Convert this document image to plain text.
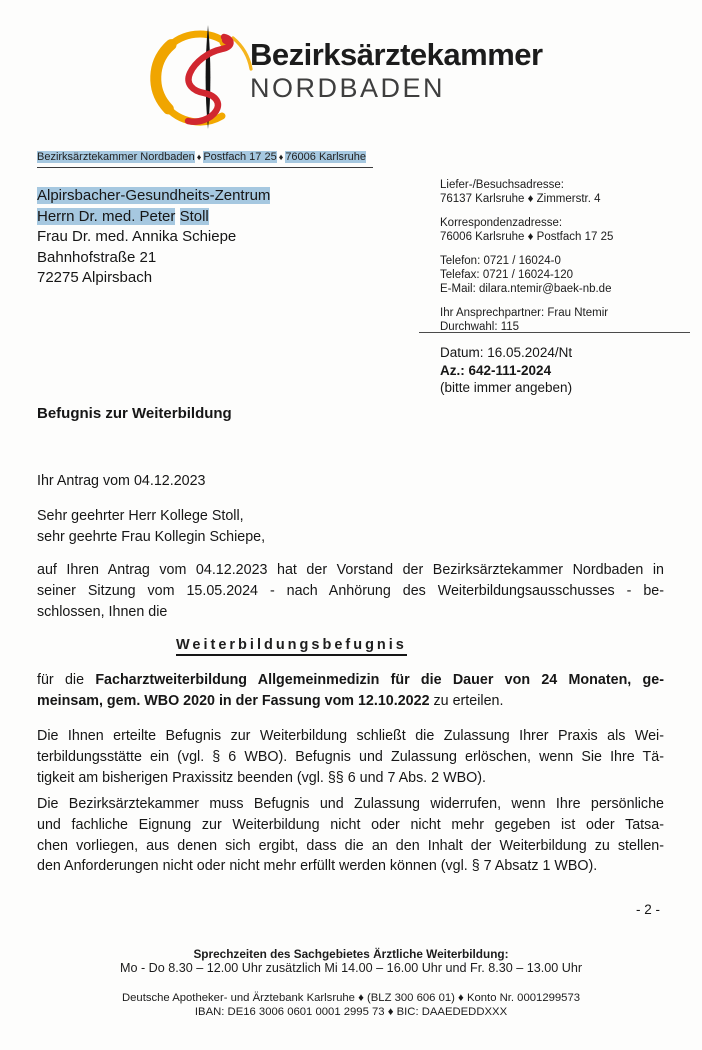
Bezirksärztekammer
NORDBADEN
Bezirksärztekammer Nordbaden ♦ Postfach 17 25 ♦ 76006 Karlsruhe
Alpirsbacher-Gesundheits-Zentrum
Herrn Dr. med. Peter Stoll
Frau Dr. med. Annika Schiepe
Bahnhofstraße 21
72275 Alpirsbach
Liefer-/Besuchsadresse:
76137 Karlsruhe ♦ Zimmerstr. 4
Korrespondenzadresse:
76006 Karlsruhe ♦ Postfach 17 25
Telefon: 0721 / 16024-0
Telefax: 0721 / 16024-120
E-Mail: dilara.ntemir@baek-nb.de
Ihr Ansprechpartner: Frau Ntemir
Durchwahl: 115
Datum: 16.05.2024/Nt
Az.: 642-111-2024
(bitte immer angeben)
Befugnis zur Weiterbildung
Ihr Antrag vom 04.12.2023
Sehr geehrter Herr Kollege Stoll,
sehr geehrte Frau Kollegin Schiepe,
auf Ihren Antrag vom 04.12.2023 hat der Vorstand der Bezirksärztekammer Nordbaden in
seiner Sitzung vom 15.05.2024 - nach Anhörung des Weiterbildungsausschusses - be-
schlossen, Ihnen die
Weiterbildungsbefugnis
für die Facharztweiterbildung Allgemeinmedizin für die Dauer von 24 Monaten, ge-
meinsam, gem. WBO 2020 in der Fassung vom 12.10.2022 zu erteilen.
Die Ihnen erteilte Befugnis zur Weiterbildung schließt die Zulassung Ihrer Praxis als Wei-
terbildungsstätte ein (vgl. § 6 WBO). Befugnis und Zulassung erlöschen, wenn Sie Ihre Tä-
tigkeit am bisherigen Praxissitz beenden (vgl. §§ 6 und 7 Abs. 2 WBO).
Die Bezirksärztekammer muss Befugnis und Zulassung widerrufen, wenn Ihre persönliche
und fachliche Eignung zur Weiterbildung nicht oder nicht mehr gegeben ist oder Tatsa-
chen vorliegen, aus denen sich ergibt, dass die an den Inhalt der Weiterbildung zu stellen-
den Anforderungen nicht oder nicht mehr erfüllt werden können (vgl. § 7 Absatz 1 WBO).
- 2 -
Sprechzeiten des Sachgebietes Ärztliche Weiterbildung:
Mo - Do 8.30 – 12.00 Uhr zusätzlich Mi 14.00 – 16.00 Uhr und Fr. 8.30 – 13.00 Uhr
Deutsche Apotheker- und Ärztebank Karlsruhe ♦ (BLZ 300 606 01) ♦ Konto Nr. 0001299573
IBAN: DE16 3006 0601 0001 2995 73 ♦ BIC: DAAEDEDDXXX
